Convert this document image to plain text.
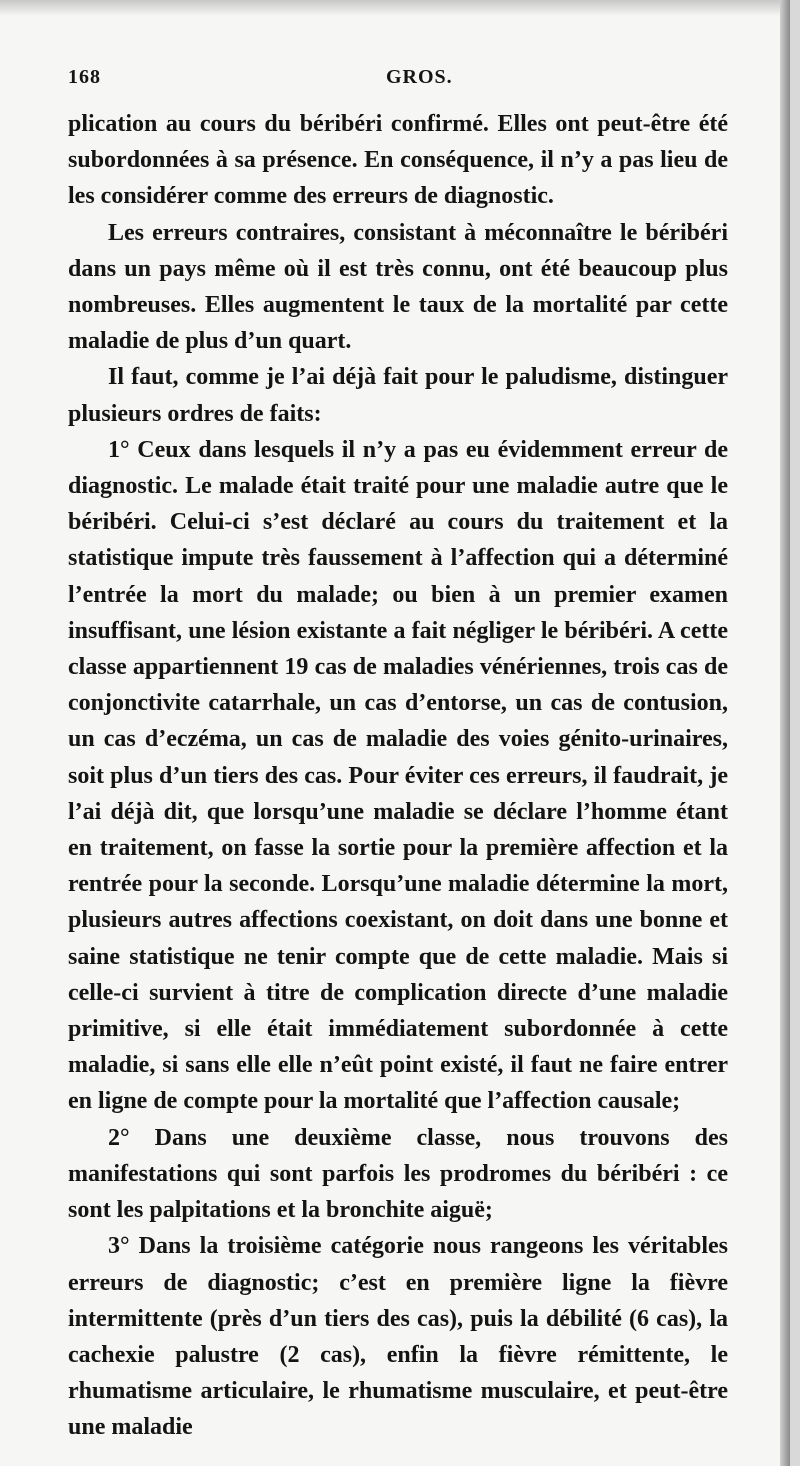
168	GROS.

plication au cours du béribéri confirmé. Elles ont peut-être été subordonnées à sa présence. En conséquence, il n’y a pas lieu de les considérer comme des erreurs de diagnostic.

Les erreurs contraires, consistant à méconnaître le béribéri dans un pays même où il est très connu, ont été beaucoup plus nombreuses. Elles augmentent le taux de la mortalité par cette maladie de plus d’un quart.

Il faut, comme je l’ai déjà fait pour le paludisme, distinguer plusieurs ordres de faits:

1° Ceux dans lesquels il n’y a pas eu évidemment erreur de diagnostic. Le malade était traité pour une maladie autre que le béribéri. Celui-ci s’est déclaré au cours du traitement et la statistique impute très faussement à l’affection qui a déterminé l’entrée la mort du malade; ou bien à un premier examen insuffisant, une lésion existante a fait négliger le béribéri. A cette classe appartiennent 19 cas de maladies vénériennes, trois cas de conjonctivite catarrhale, un cas d’entorse, un cas de contusion, un cas d’eczéma, un cas de maladie des voies génito-urinaires, soit plus d’un tiers des cas. Pour éviter ces erreurs, il faudrait, je l’ai déjà dit, que lorsqu’une maladie se déclare l’homme étant en traitement, on fasse la sortie pour la première affection et la rentrée pour la seconde. Lorsqu’une maladie détermine la mort, plusieurs autres affections coexistant, on doit dans une bonne et saine statistique ne tenir compte que de cette maladie. Mais si celle-ci survient à titre de complication directe d’une maladie primitive, si elle était immédiatement subordonnée à cette maladie, si sans elle elle n’eût point existé, il faut ne faire entrer en ligne de compte pour la mortalité que l’affection causale;

2° Dans une deuxième classe, nous trouvons des manifestations qui sont parfois les prodromes du béribéri : ce sont les palpitations et la bronchite aiguë;

3° Dans la troisième catégorie nous rangeons les véritables erreurs de diagnostic; c’est en première ligne la fièvre intermittente (près d’un tiers des cas), puis la débilité (6 cas), la cachexie palustre (2 cas), enfin la fièvre rémittente, le rhumatisme articulaire, le rhumatisme musculaire, et peut-être une maladie
